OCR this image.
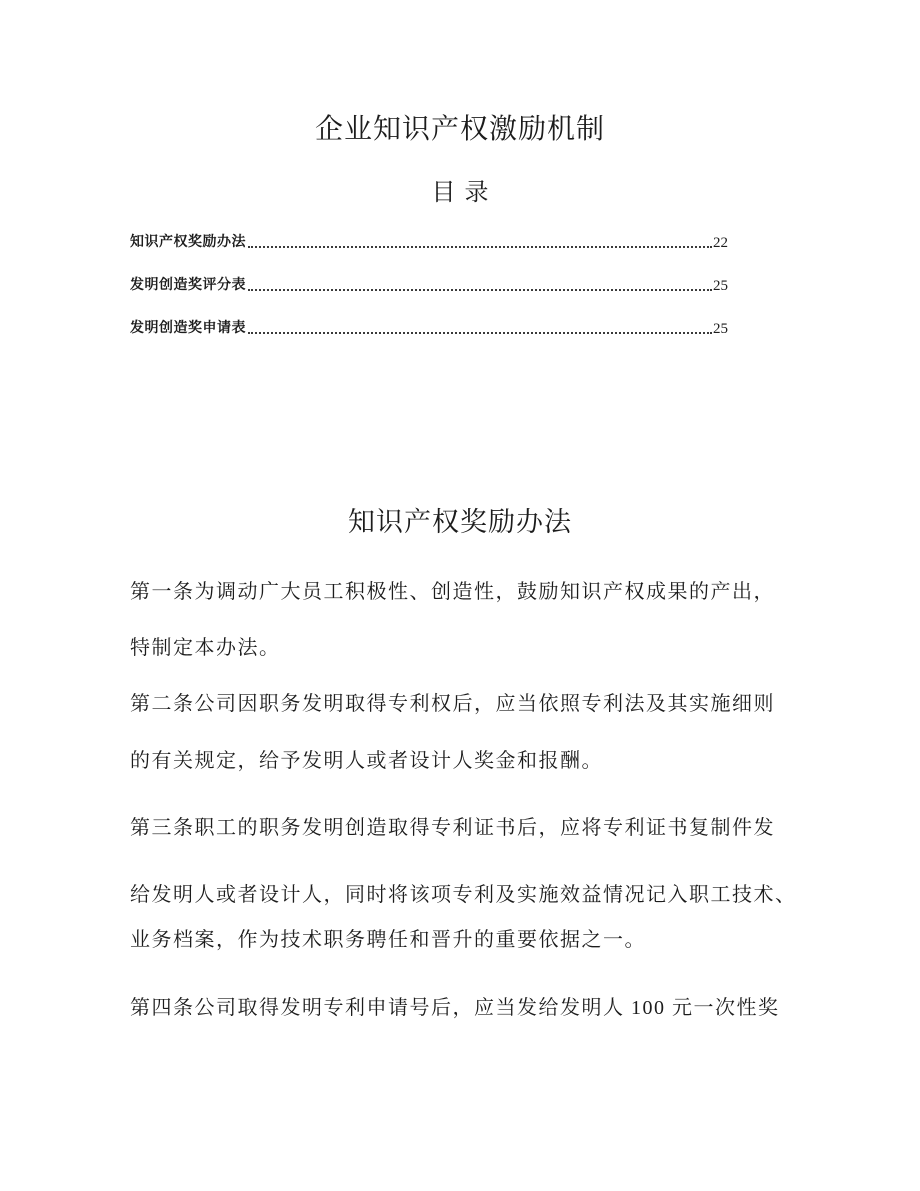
企业知识产权激励机制
目录
知识产权奖励办法	22
发明创造奖评分表	25
发明创造奖申请表	25
知识产权奖励办法
第一条为调动广大员工积极性、创造性，鼓励知识产权成果的产出，
特制定本办法。
第二条公司因职务发明取得专利权后，应当依照专利法及其实施细则
的有关规定，给予发明人或者设计人奖金和报酬。
第三条职工的职务发明创造取得专利证书后，应将专利证书复制件发
给发明人或者设计人，同时将该项专利及实施效益情况记入职工技术、
业务档案，作为技术职务聘任和晋升的重要依据之一。
第四条公司取得发明专利申请号后，应当发给发明人 100 元一次性奖
